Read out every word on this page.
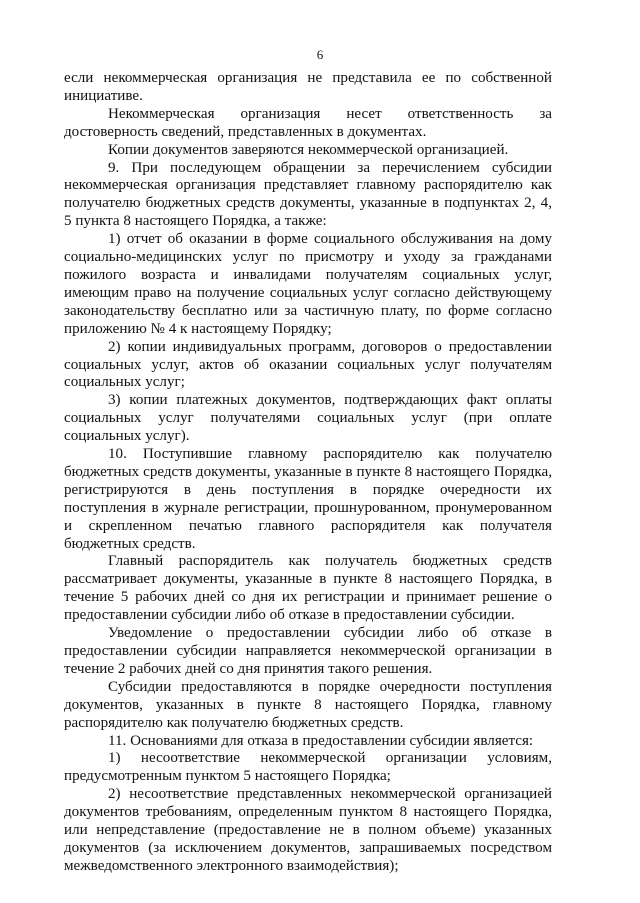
6

если некоммерческая организация не представила ее по собственной инициативе.

Некоммерческая организация несет ответственность за достоверность сведений, представленных в документах.

Копии документов заверяются некоммерческой организацией.

9. При последующем обращении за перечислением субсидии некоммерческая организация представляет главному распорядителю как получателю бюджетных средств документы, указанные в подпунктах 2, 4, 5 пункта 8 настоящего Порядка, а также:

1) отчет об оказании в форме социального обслуживания на дому социально-медицинских услуг по присмотру и уходу за гражданами пожилого возраста и инвалидами получателям социальных услуг, имеющим право на получение социальных услуг согласно действующему законодательству бесплатно или за частичную плату, по форме согласно приложению № 4 к настоящему Порядку;

2) копии индивидуальных программ, договоров о предоставлении социальных услуг, актов об оказании социальных услуг получателям социальных услуг;

3) копии платежных документов, подтверждающих факт оплаты социальных услуг получателями социальных услуг (при оплате социальных услуг).

10. Поступившие главному распорядителю как получателю бюджетных средств документы, указанные в пункте 8 настоящего Порядка, регистрируются в день поступления в порядке очередности их поступления в журнале регистрации, прошнурованном, пронумерованном и скрепленном печатью главного распорядителя как получателя бюджетных средств.

Главный распорядитель как получатель бюджетных средств рассматривает документы, указанные в пункте 8 настоящего Порядка, в течение 5 рабочих дней со дня их регистрации и принимает решение о предоставлении субсидии либо об отказе в предоставлении субсидии.

Уведомление о предоставлении субсидии либо об отказе в предоставлении субсидии направляется некоммерческой организации в течение 2 рабочих дней со дня принятия такого решения.

Субсидии предоставляются в порядке очередности поступления документов, указанных в пункте 8 настоящего Порядка, главному распорядителю как получателю бюджетных средств.

11. Основаниями для отказа в предоставлении субсидии является:

1) несоответствие некоммерческой организации условиям, предусмотренным пунктом 5 настоящего Порядка;

2) несоответствие представленных некоммерческой организацией документов требованиям, определенным пунктом 8 настоящего Порядка, или непредставление (предоставление не в полном объеме) указанных документов (за исключением документов, запрашиваемых посредством межведомственного электронного взаимодействия);
